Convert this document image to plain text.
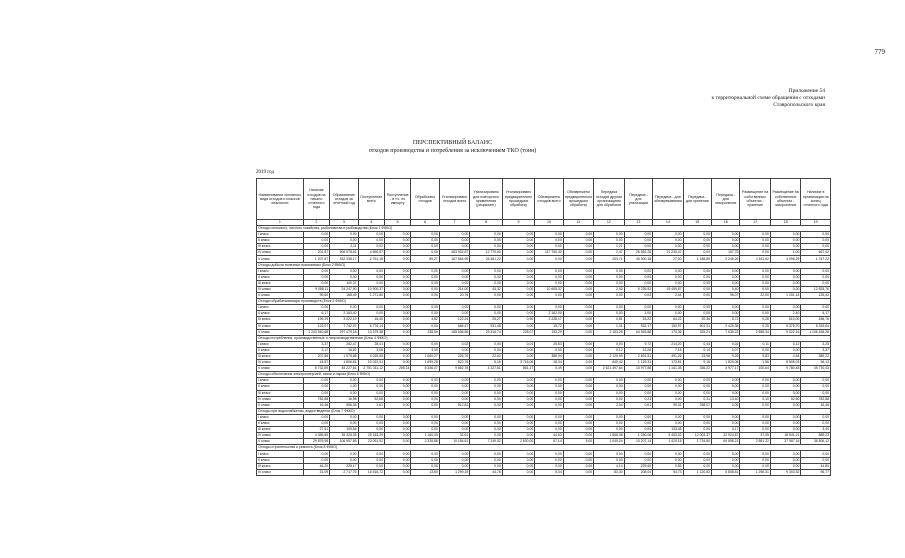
779
Приложение 54
к территориальной схеме обращения с отходами
Ставропольского края
ПЕРСПЕКТИВНЫЙ БАЛАНС
отходов производства и потребления за исключением ТКО (тонн)
2019 год
Наименование основного вида отходов и классов опасности	Наличие отходов на начало отчетного года	Образование отходов за отчетный год	Поступление всего	Поступление - в т.ч. по импорту	Обработано отходов	Утилизировано отходов всего	Утилизировано для повторного применения (рециклинг)	Утилизировано предварительно прошедших обработку	Обезврежено отходов всего	Обезврежено предварительно прошедших обработку	Передача отходов другим организациям для обработки	Передача - для утилизации	Передача - для обезвреживания	Передача - для хранения	Передача - для захоронения	Размещение на собственных объектах - хранение	Размещение на собственных объектах - захоронение	Наличие в организации на конец отчетного года
1	2	3	4	5	6	7	8	9	10	11	12	13	14	15	16	17	18	19
Отходы сельского, лесного хозяйства, рыболовства и рыбоводства (Блок 1 ФККО)																		
I класс	0,00	0,00	0,00	0,00	0,00	0,00	0,00	0,00	0,00	0,00	0,00	0,00	0,00	0,00	0,00	0,00	0,00	0,00
II класс	0,00	0,00	0,00	0,00	0,00	0,00	0,00	0,00	0,00	0,00	0,00	0,00	0,00	0,00	0,00	0,00	0,00	0,00
III класс	0,00	2,11	0,02	0,00	0,00	0,00	0,00	0,00	0,00	0,00	1,21	0,00	0,00	0,00	0,00	0,00	0,00	0,00
IV класс	201,87	506 578,61	4 690,57	0,00	0,00	483 902,87	12 770,60	0,00	117 700,40	0,00	2,47	26 592,25	21 230,47	0,00	157,75	0,00	1,00	667,02
V класс	1 207,87	332 338,17	2 751,18	0,00	89,27	167 564,95	26 481,22	0,00	0,00	0,00	203,71	45 900,18	27,00	1 188,89	2 245,26	1 511,62	4 096,29	1 757,22
Отходы добычи полезных ископаемых (Блок 2 ФККО)																		
I класс	0,00	0,00	0,00	0,00	0,00	0,00	0,00	0,00	0,00	0,00	0,00	0,00	0,00	0,00	0,00	0,00	0,00	0,00
II класс	0,00	0,00	0,00	0,00	0,00	0,00	0,00	0,00	0,00	0,00	0,00	0,00	0,00	0,00	0,00	0,00	0,00	0,00
III класс	0,00	100,37	0,00	0,00	0,00	0,00	0,00	0,00	0,00	0,00	0,00	0,00	0,00	0,00	0,00	0,00	0,00	0,00
IV класс	9 088,11	24 247,90	10 900,37	0,00	0,00	214,00	43,32	0,00	10 605,37	0,00	2,00	5 235,52	19 459,87	0,00	0,40	0,00	0,00	12 825,76
V класс	99,60	188,49	1 271,80	0,00	0,00	20,76	0,00	0,00	0,00	0,00	0,00	0,03	2,44	0,00	96,07	22,00	1 201,14	125,42
Отходы обрабатывающих производств (Блок 3 ФККО)																		
I класс	0,00	0,00	0,00	0,00	0,00	0,00	0,00	0,00	0,00	0,00	0,00	0,00	0,00	0,00	0,00	0,00	0,00	0,00
II класс	6,17	2 163,40	0,00	0,00	0,00	0,00	0,00	0,00	2 162,00	0,00	0,00	1,00	0,00	0,00	0,00	0,00	2,40	5,17
III класс	199,29	3 022,19	16,40	0,00	4,82	122,24	25,27	0,90	2 228,17	0,00	0,81	15,22	64,22	20,36	5,72	0,28	510,00	186,76
IV класс	122,07	7 742,07	6 776,14	0,00	0,00	686,47	931,48	0,00	15,72	0,00	1,31	932,17	150,97	501,31	2 425,38	0,25	5 375,70	5 319,64
V класс	1 243 940,68	297 479,18	13 379,38	0,00	238,59	185 536,85	29 316,74	228,07	153,29	0,00	2 153,25	64 593,88	170,36	325,21	7 635,23	2 858,34	9 022,16	1 106 458,28
Отходы потребления, производственные и непроизводственные (Блок 4 ФККО)																		
I класс	3,37	262,47	28,41	0,00	0,00	0,02	0,00	0,01	25,83	0,00	0,00	9,72	214,20	0,44	0,02	0,11	0,12	3,25
II класс	3,17	16,52	3,06	0,00	3,00	0,00	0,00	0,00	0,00	0,00	0,12	12,26	7,15	0,14	0,07	0,00	0,00	3,37
III класс	207,88	1 975,68	4 025,50	0,00	1 660,27	226,76	22,62	0,00	388,94	0,00	2 125,59	2 691,51	491,26	23,98	9,25	9,83	4,54	389,22
IV класс	44,87	1 806,81	10 022,01	0,00	1 699,28	522,76	5,16	3 716,06	18,34	0,00	645,42	1 129,31	173,51	9,16	1 820,08	1,56	8 505,03	96,13
V класс	5 732,89	45 227,61	2 751 311,12	255,14	8 336,07	9 882,78	4 127,61	861,17	0,49	0,00	2 621 497,64	10 977,88	1 141,35	336,22	4 977,17	100,64	9 780,45	45 730,43
Отходы обеспечения электроэнергией, газом и паром (Блок 6 ФККО)																		
I класс	0,00	0,00	0,00	0,00	0,00	0,00	0,00	0,00	0,00	0,00	0,00	0,00	0,00	0,00	0,00	0,00	0,00	0,00
II класс	0,00	1,00	0,00	0,00	0,00	0,00	0,00	0,00	0,00	0,00	0,00	0,00	0,00	0,00	0,00	0,00	0,00	0,00
III класс	0,00	0,00	0,00	0,00	0,00	0,00	0,00	0,00	0,00	0,00	0,00	0,00	0,00	0,00	0,00	0,00	0,00	0,00
IV класс	782,88	16,98	52,68	0,00	0,00	0,00	0,00	0,00	0,00	0,00	0,00	0,23	0,00	0,31	13,40	0,10	52,60	782,88
V класс	16,46	556,35	2,61	0,00	0,00	512,81	0,00	0,00	0,00	0,00	2,04	0,61	99,31	258,07	0,05	0,00	0,00	16,46
Отходы при водоснабжении, водоотведении (Блок 7 ФККО)																		
I класс	0,00	0,00	0,00	0,00	0,00	0,00	0,00	0,00	0,00	0,00	0,00	0,00	0,00	0,00	0,00	0,00	0,00	0,00
II класс	0,00	0,00	0,00	0,00	0,00	0,00	0,00	0,00	0,00	0,00	0,00	0,00	0,00	0,00	0,00	0,00	0,00	0,00
III класс	27,51	109,54	0,00	0,00	0,00	0,00	0,00	0,00	0,00	0,00	0,00	0,00	133,48	0,00	0,17	0,00	0,00	3,40
IV класс	4 359,65	35 326,35	25 163,29	0,00	1 160,00	32,61	0,00	0,00	44,63	0,00	1 568,36	1 250,06	5 453,02	12 003,37	22 924,57	37,05	18 541,21	889,23
V класс	29 876,98	106 997,85	23 091,92	0,00	2 328,88	10 184,61	7 249,52	2 630,00	67,14	5,00	1 040,24	10 207,14	1 420,15	1 734,60	69 898,21	2 581,22	37 987,16	36 806,12
Отходы строительства и ремонта (Блок 8 ФККО)																		
I класс	0,00	0,00	0,00	0,00	0,00	0,00	0,00	0,00	0,00	0,00	0,00	0,00	0,00	0,00	0,00	0,00	0,00	0,00
II класс	0,00	0,00	0,00	0,00	0,00	0,00	0,00	0,00	0,00	0,00	0,00	0,00	0,00	0,00	0,00	0,00	0,00	0,00
III класс	46,20	228,17	0,00	0,00	0,00	0,00	0,00	0,00	0,00	0,00	4,14	229,60	0,83	0,00	0,00	0,00	0,00	44,80
IV класс	31,09	2 717,76	16 516,72	0,00	13,60	1 299,19	44,76	0,00	5,34	0,00	83,30	208,04	54,73	1 120,82	5 808,51	1 296,31	9 303,52	96,77
